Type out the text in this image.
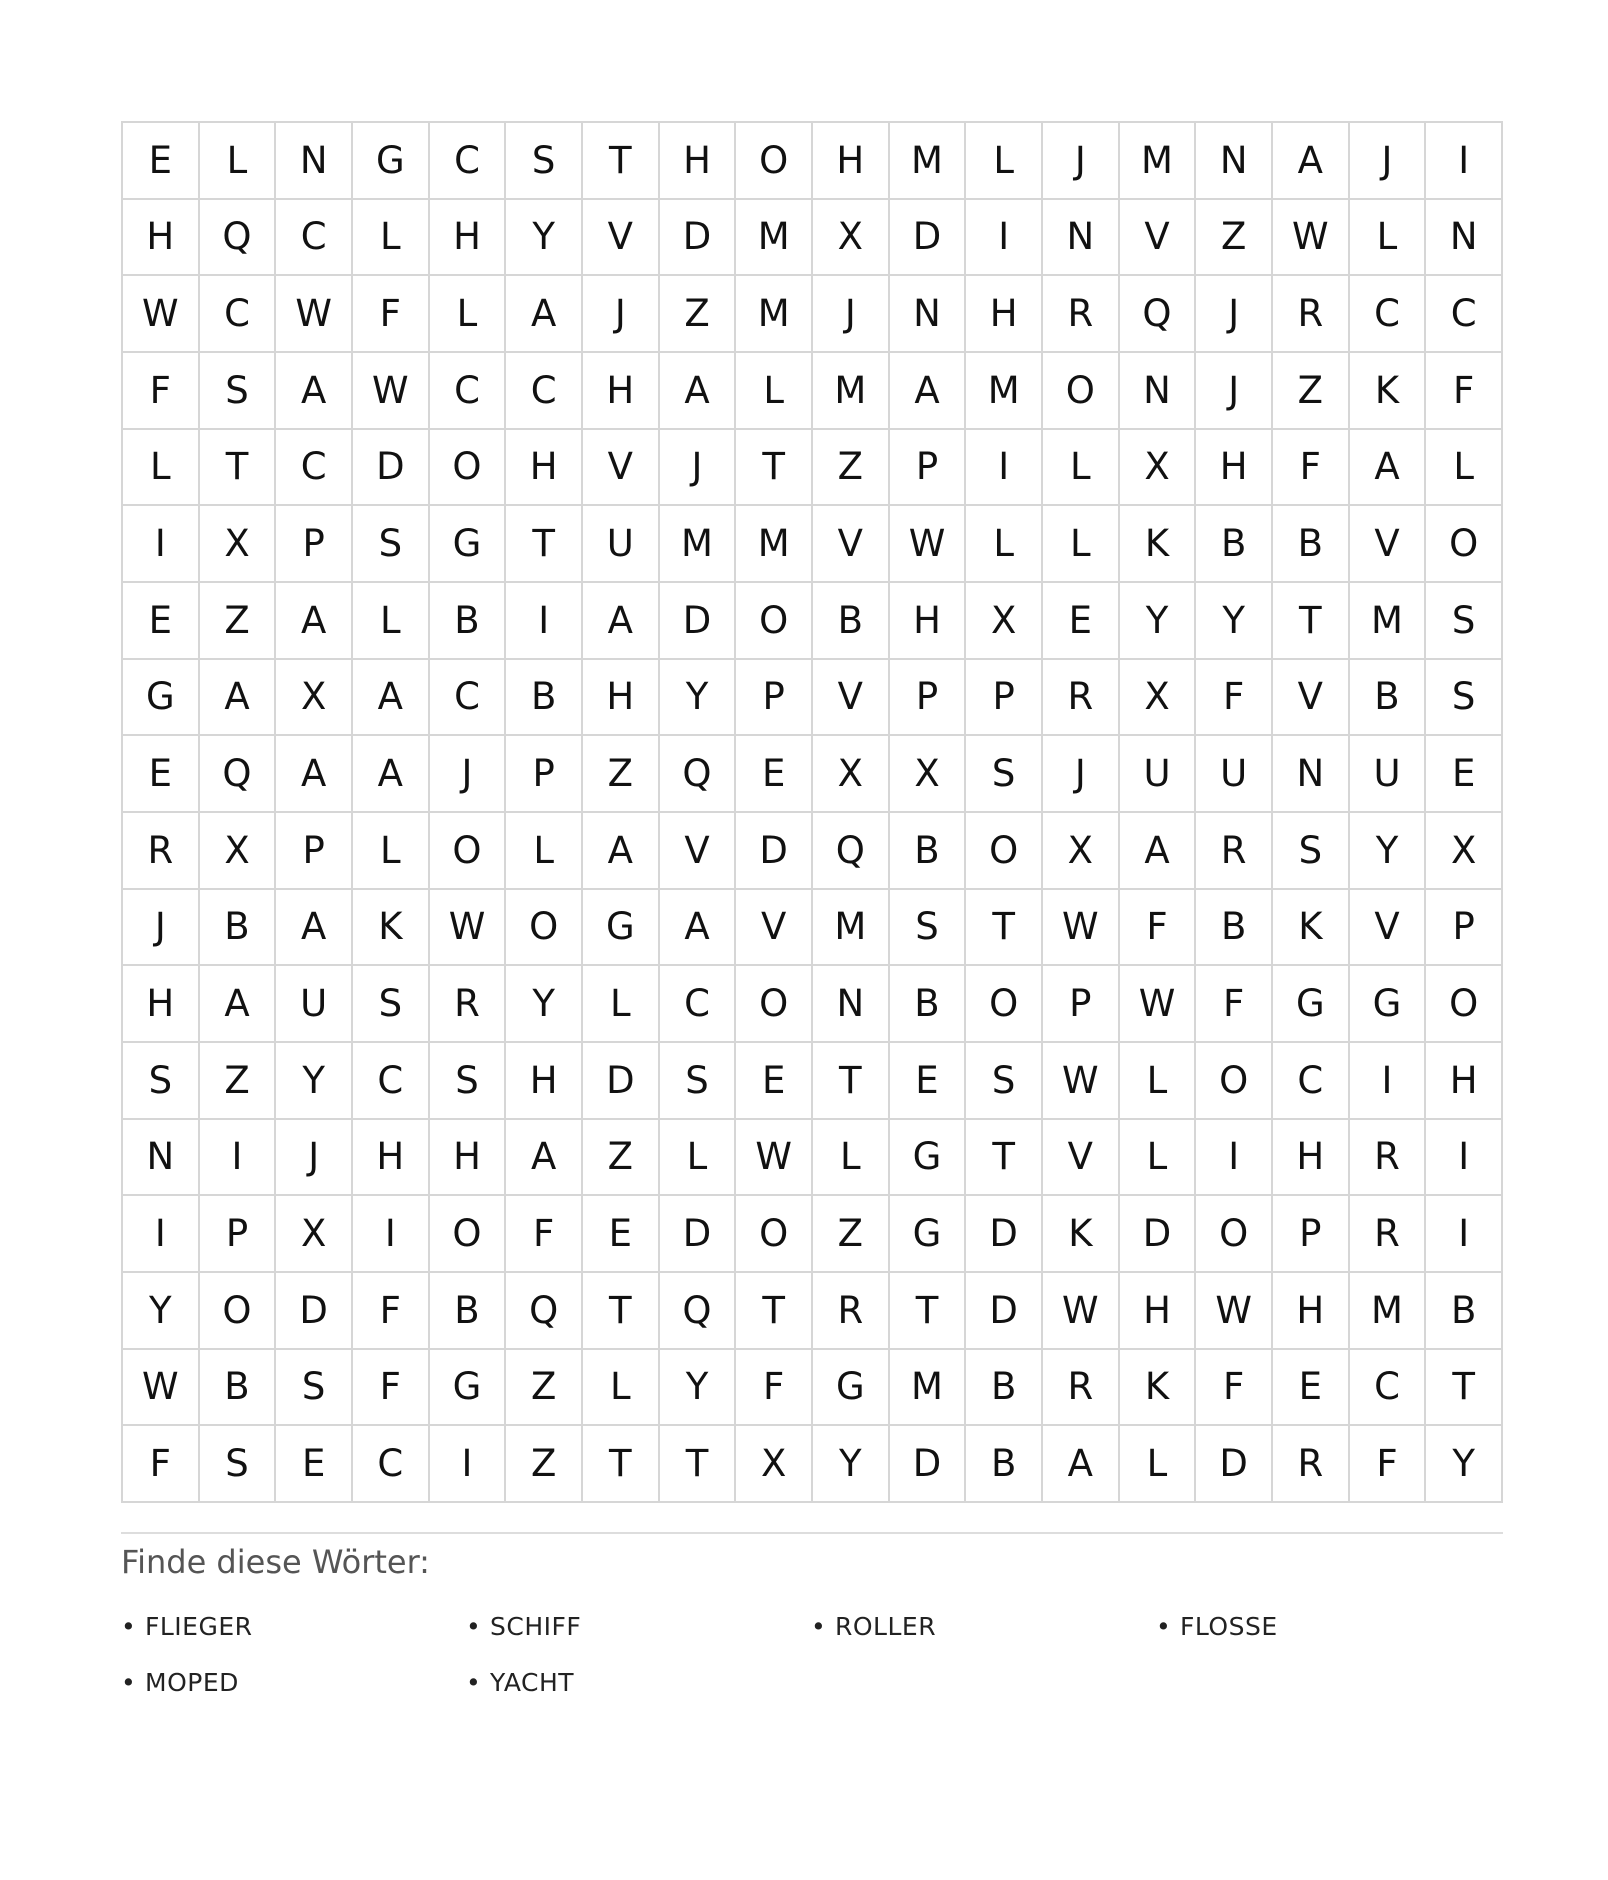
E	L	N	G	C	S	T	H	O	H	M	L	J	M	N	A	J	I
H	Q	C	L	H	Y	V	D	M	X	D	I	N	V	Z	W	L	N
W	C	W	F	L	A	J	Z	M	J	N	H	R	Q	J	R	C	C
F	S	A	W	C	C	H	A	L	M	A	M	O	N	J	Z	K	F
L	T	C	D	O	H	V	J	T	Z	P	I	L	X	H	F	A	L
I	X	P	S	G	T	U	M	M	V	W	L	L	K	B	B	V	O
E	Z	A	L	B	I	A	D	O	B	H	X	E	Y	Y	T	M	S
G	A	X	A	C	B	H	Y	P	V	P	P	R	X	F	V	B	S
E	Q	A	A	J	P	Z	Q	E	X	X	S	J	U	U	N	U	E
R	X	P	L	O	L	A	V	D	Q	B	O	X	A	R	S	Y	X
J	B	A	K	W	O	G	A	V	M	S	T	W	F	B	K	V	P
H	A	U	S	R	Y	L	C	O	N	B	O	P	W	F	G	G	O
S	Z	Y	C	S	H	D	S	E	T	E	S	W	L	O	C	I	H
N	I	J	H	H	A	Z	L	W	L	G	T	V	L	I	H	R	I
I	P	X	I	O	F	E	D	O	Z	G	D	K	D	O	P	R	I
Y	O	D	F	B	Q	T	Q	T	R	T	D	W	H	W	H	M	B
W	B	S	F	G	Z	L	Y	F	G	M	B	R	K	F	E	C	T
F	S	E	C	I	Z	T	T	X	Y	D	B	A	L	D	R	F	Y
Finde diese Wörter:
• FLIEGER	• SCHIFF	• ROLLER	• FLOSSE
• MOPED	• YACHT
